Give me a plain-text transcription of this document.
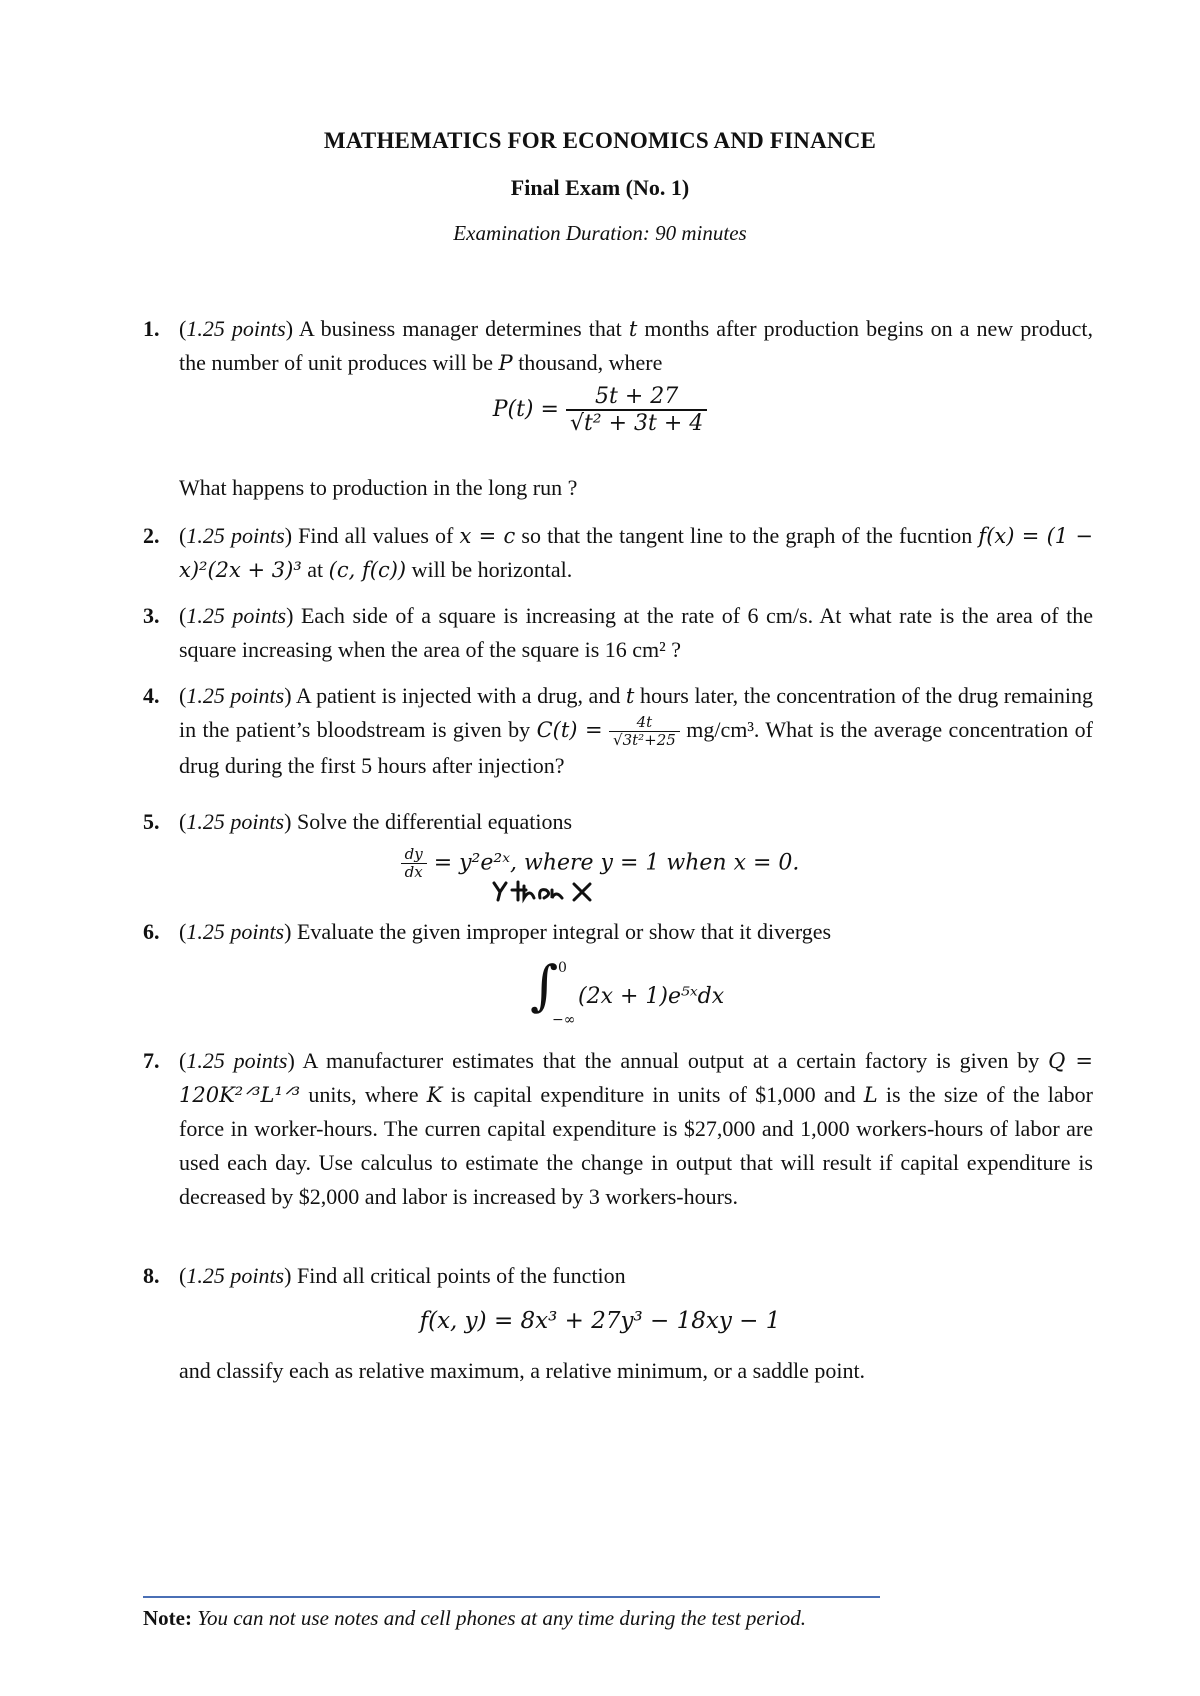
MATHEMATICS FOR ECONOMICS AND FINANCE
Final Exam (No. 1)
Examination Duration: 90 minutes
1. (1.25 points) A business manager determines that t months after production begins on a new product, the number of unit produces will be P thousand, where
$P(t) = \frac{5t + 27}{\text{√t² + 3t + 4}}$
What happens to production in the long run ?
2. (1.25 points) Find all values of x = c so that the tangent line to the graph of the fucntion f(x) = (1 − x)²(2x + 3)³ at (c, f(c)) will be horizontal.
3. (1.25 points) Each side of a square is increasing at the rate of 6 cm/s. At what rate is the area of the square increasing when the area of the square is 16 cm² ?
4. (1.25 points) A patient is injected with a drug, and t hours later, the concentration of the drug remaining in the patient’s bloodstream is given by $C(t) = \frac{4t}{\text{√3t²+25}} mg/cm^3$. What is the average concentration of drug during the first 5 hours after injection?
5. (1.25 points) Solve the differential equations
$\frac{dy}{dx}$ = y²e²ˣ, where y = 1 when x = 0.
6. (1.25 points) Evaluate the given improper integral or show that it diverges
∫ 0
−∞
(2x + 1)e⁵ˣdx
7. (1.25 points) A manufacturer estimates that the annual output at a certain factory is given by Q = 120K²ᐟ³L¹ᐟ³ units, where K is capital expenditure in units of $1,000 and L is the size of the labor force in worker-hours. The curren capital expenditure is $27,000 and 1,000 workers-hours of labor are used each day. Use calculus to estimate the change in output that will result if capital expenditure is decreased by $2,000 and labor is increased by 3 workers-hours.
8. (1.25 points) Find all critical points of the function
f(x, y) = 8x³ + 27y³ − 18xy − 1
and classify each as relative maximum, a relative minimum, or a saddle point.
Note: You can not use notes and cell phones at any time during the test period.
